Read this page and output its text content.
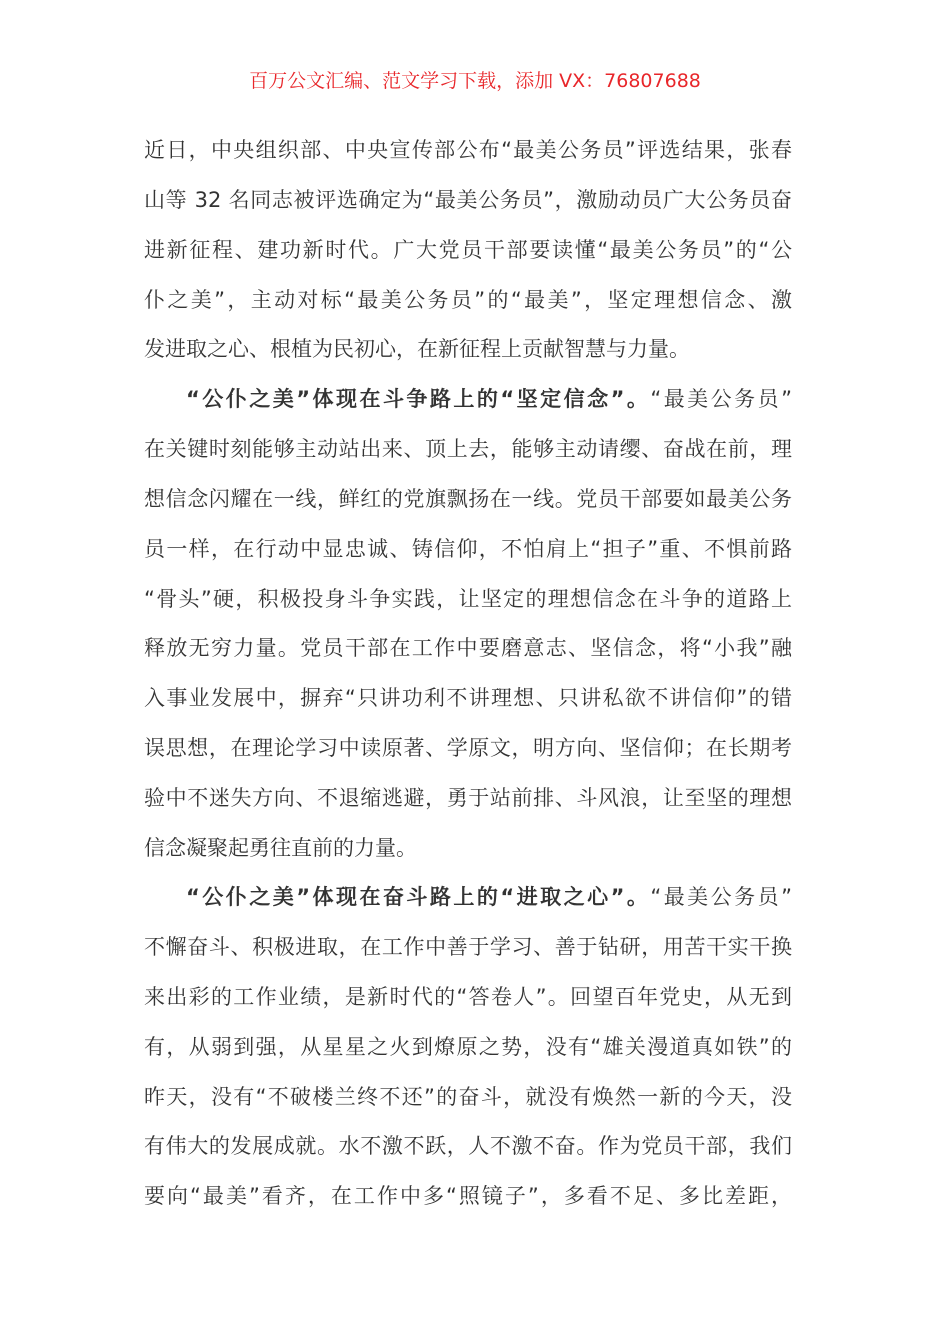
百万公文汇编、范文学习下载，添加 VX：76807688
近日，中央组织部、中央宣传部公布“最美公务员”评选结果，张春
山等 32 名同志被评选确定为“最美公务员”，激励动员广大公务员奋
进新征程、建功新时代。广大党员干部要读懂“最美公务员”的“公
仆之美”，主动对标“最美公务员”的“最美”，坚定理想信念、激
发进取之心、根植为民初心，在新征程上贡献智慧与力量。
“公仆之美”体现在斗争路上的“坚定信念”。“最美公务员”
在关键时刻能够主动站出来、顶上去，能够主动请缨、奋战在前，理
想信念闪耀在一线，鲜红的党旗飘扬在一线。党员干部要如最美公务
员一样，在行动中显忠诚、铸信仰，不怕肩上“担子”重、不惧前路
“骨头”硬，积极投身斗争实践，让坚定的理想信念在斗争的道路上
释放无穷力量。党员干部在工作中要磨意志、坚信念，将“小我”融
入事业发展中，摒弃“只讲功利不讲理想、只讲私欲不讲信仰”的错
误思想，在理论学习中读原著、学原文，明方向、坚信仰；在长期考
验中不迷失方向、不退缩逃避，勇于站前排、斗风浪，让至坚的理想
信念凝聚起勇往直前的力量。
“公仆之美”体现在奋斗路上的“进取之心”。“最美公务员”
不懈奋斗、积极进取，在工作中善于学习、善于钻研，用苦干实干换
来出彩的工作业绩，是新时代的“答卷人”。回望百年党史，从无到
有，从弱到强，从星星之火到燎原之势，没有“雄关漫道真如铁”的
昨天，没有“不破楼兰终不还”的奋斗，就没有焕然一新的今天，没
有伟大的发展成就。水不激不跃，人不激不奋。作为党员干部，我们
要向“最美”看齐，在工作中多“照镜子”，多看不足、多比差距，
